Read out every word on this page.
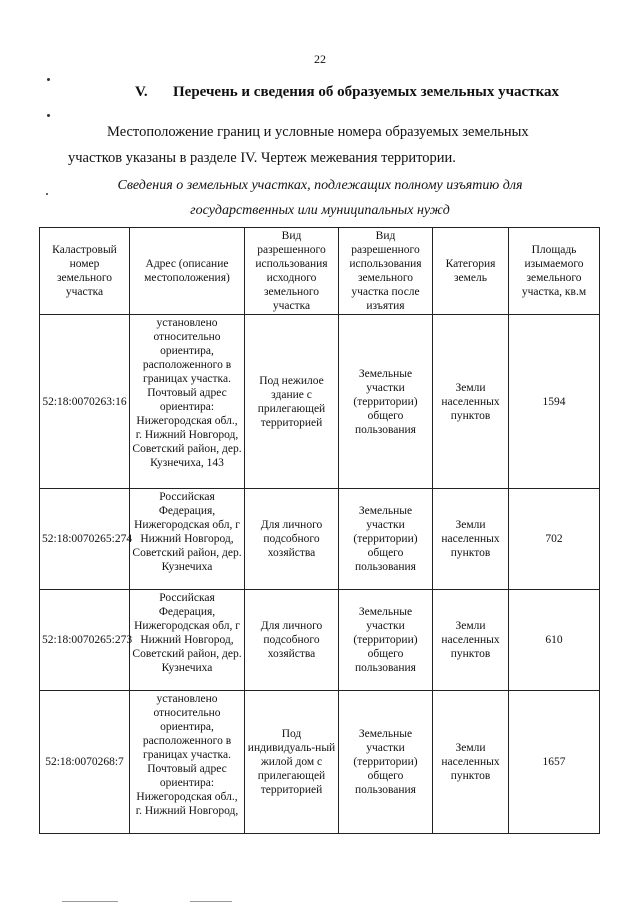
22
V. Перечень и сведения об образуемых земельных участках
Местоположение границ и условные номера образуемых земельных
участков указаны в разделе IV. Чертеж межевания территории.
Сведения о земельных участках, подлежащих полному изъятию для
государственных или муниципальных нужд
Каластровый номер земельного участка	Адрес (описание местоположения)	Вид разрешенного использования исходного земельного участка	Вид разрешенного использования земельного участка после изъятия	Категория земель	Площадь изымаемого земельного участка, кв.м
52:18:0070263:16	установлено относительно ориентира, расположенного в границах участка. Почтовый адрес ориентира: Нижегородская обл., г. Нижний Новгород, Советский район, дер. Кузнечиха, 143	Под нежилое здание с прилегающей территорией	Земельные участки (территории) общего пользования	Земли населенных пунктов	1594
52:18:0070265:274	Российская Федерация, Нижегородская обл, г Нижний Новгород, Советский район, дер. Кузнечиха	Для личного подсобного хозяйства	Земельные участки (территории) общего пользования	Земли населенных пунктов	702
52:18:0070265:273	Российская Федерация, Нижегородская обл, г Нижний Новгород, Советский район, дер. Кузнечиха	Для личного подсобного хозяйства	Земельные участки (территории) общего пользования	Земли населенных пунктов	610
52:18:0070268:7	установлено относительно ориентира, расположенного в границах участка. Почтовый адрес ориентира: Нижегородская обл., г. Нижний Новгород,	Под индивидуаль-ный жилой дом с прилегающей территорией	Земельные участки (территории) общего пользования	Земли населенных пунктов	1657
